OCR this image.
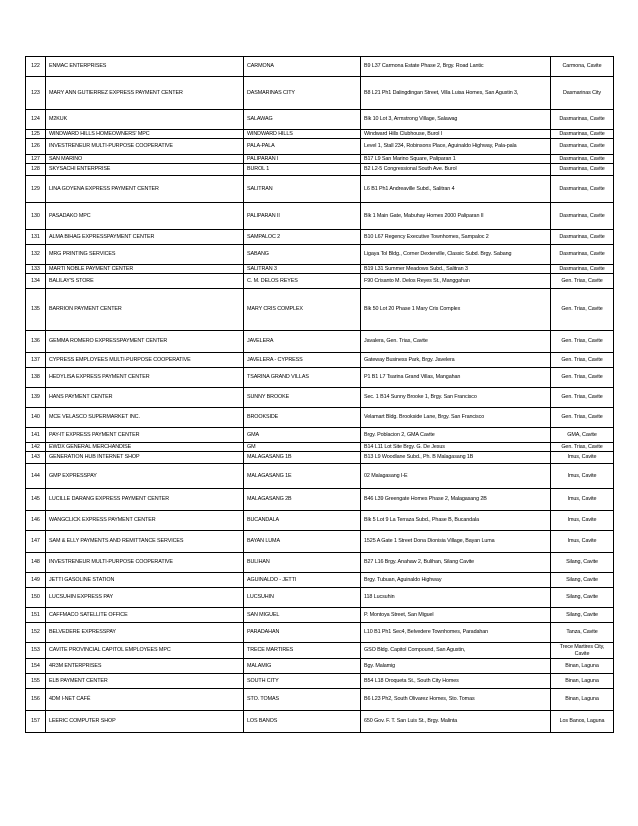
122	ENMAC ENTERPRISES	CARMONA	B9 L37 Carmona Estate Phase 2, Brgy. Road Lantic	Carmona, Cavite
123	MARY ANN GUTIERREZ EXPRESS PAYMENT CENTER	DASMARINAS CITY	B8 L21 Ph1 Dalingdingan Street, Villa Luisa Homes, San Agustin 3,	Dasmarinas City
124	M2KUK	SALAWAG	Blk 10 Lot 3, Armstrong Village, Salawag	Dasmarinas, Cavite
125	WINDWARD HILLS HOMEOWNERS' MPC	WINDWARD HILLS	Windward Hills Clubhouse, Burol I	Dasmarinas, Cavite
126	INVESTRENEUR MULTI-PURPOSE COOPERATIVE	PALA-PALA	Level 1, Stall 234, Robinsons Place, Aguinaldo Highway, Pala-pala	Dasmarinas, Cavite
127	SAN MARINO	PALIPARAN I	B17 L9 San Marino Square, Paliparan 1	Dasmarinas, Cavite
128	SKYSACHI ENTERPRISE	BUROL 1	B2 L2-5 Congressional South Ave. Burol	Dasmarinas, Cavite
129	LINA GOYENA EXPRESS PAYMENT CENTER	SALITRAN	L6 B1 Ph1 Andreaville Subd., Salitran 4	Dasmarinas, Cavite
130	PASADAKO MPC	PALIPARAN II	Blk 1 Main Gate, Mabuhay Homes 2000 Paliparan II	Dasmarinas, Cavite
131	ALMA BIHAG EXPRESSPAYMENT CENTER	SAMPALOC 2	B10 L67 Regency Executive Townhomes, Sampaloc 2	Dasmarinas, Cavite
132	MRG PRINTING SERVICES	SABANG	Ligaya Tol Bldg., Corner Dexterville, Classic Subd. Brgy. Sabang	Dasmarinas, Cavite
133	MARTI NOBLE PAYMENT CENTER	SALITRAN 3	B19 L31 Summer Meadows Subd., Salitran 3	Dasmarinas, Cavite
134	BALILAY'S STORE	C. M. DELOS REYES	F90 Crisanto M. Delos Reyes St., Manggahan	Gen. Trias, Cavite
135	BARRION PAYMENT CENTER	MARY CRIS COMPLEX	Blk 50 Lot 20 Phase 1 Mary Cris Complex	Gen. Trias, Cavite
136	GEMMA ROMERO EXPRESSPAYMENT CENTER	JAVELERA	Javalera, Gen. Trias, Cavite	Gen. Trias, Cavite
137	CYPRESS EMPLOYEES MULTI-PURPOSE COOPERATIVE	JAVELERA - CYPRESS	Gateway Business Park, Brgy. Javelera	Gen. Trias, Cavite
138	HEDYLISA EXPRESS PAYMENT CENTER	TSARINA GRAND VILLAS	P1 B1 L7 Tsarina Grand Villas, Mangahan	Gen. Trias, Cavite
139	HANS PAYMENT CENTER	SUNNY BROOKE	Sec. 1 B14 Sunny Brooke 1, Brgy. San Francisco	Gen. Trias, Cavite
140	MCE VELASCO SUPERMARKET INC.	BROOKSIDE	Velamart Bldg. Brookside Lane, Brgy. San Francisco	Gen. Trias, Cavite
141	PAY-IT EXPRESS PAYMENT CENTER	GMA	Brgy. Poblacion 2, GMA Cavite	GMA, Cavite
142	EWDX GENERAL MERCHANDISE	GM	B14 L11 Lot Site Brgy. G. De Jesus	Gen. Trias, Cavite
143	GENERATION HUB INTERNET SHOP	MALAGASANG 1B	B13 L9 Woodlane Subd., Ph. B Malagasang 1B	Imus, Cavite
144	GMP EXPRESSPAY	MALAGASANG 1E	02 Malagasang I-E	Imus, Cavite
145	LUCILLE DARANG EXPRESS PAYMENT CENTER	MALAGASANG 2B	B46 L39 Greengate Homes Phase 2, Malagasang 2B	Imus, Cavite
146	WANGCLICK EXPRESS PAYMENT CENTER	BUCANDALA	Blk 5 Lot 9 La Terraza Subd., Phase B, Bucandala	Imus, Cavite
147	SAM & ELLY PAYMENTS AND REMITTANCE SERVICES	BAYAN LUMA	1525 A Gate 1 Street Dona Dionisia Village, Bayan Luma	Imus, Cavite
148	INVESTRENEUR MULTI-PURPOSE COOPERATIVE	BULIHAN	B27 L16 Brgy. Anahaw 2, Bulihan, Silang Cavite	Silang, Cavite
149	JETTI GASOLINE STATION	AGUINALDO - JETTI	Brgy. Tubuan, Aguinaldo Highway	Silang, Cavite
150	LUCSUHIN EXPRESS PAY	LUCSUHIN	118 Lucsuhin	Silang, Cavite
151	CAFFMACO SATELLITE OFFICE	SAN MIGUEL	P. Montoya Street, San Miguel	Silang, Cavite
152	BELVEDERE EXPRESSPAY	PARADAHAN	L10 B1 Ph1 Sec4, Belvedere Townhomes, Paradahan	Tanza, Cavite
153	CAVITE PROVINCIAL CAPITOL EMPLOYEES MPC	TRECE MARTIRES	GSO Bldg. Capitol Compound, San Agustin,	Trece Martires City, Cavite
154	4R3M ENTERPRISES	MALAMIG	Bgy. Malamig	Binan, Laguna
155	ELB PAYMENT CENTER	SOUTH CITY	B54 L18 Oroqueta St., South City Homes	Binan, Laguna
156	4DM I-NET CAFÉ	STO. TOMAS	B6 L23 Ph2, South Olivarez Homes, Sto. Tomas	Binan, Laguna
157	LEERIC COMPUTER SHOP	LOS BANOS	650 Gov. F. T. San Luis St., Brgy. Malinta	Los Banos, Laguna
